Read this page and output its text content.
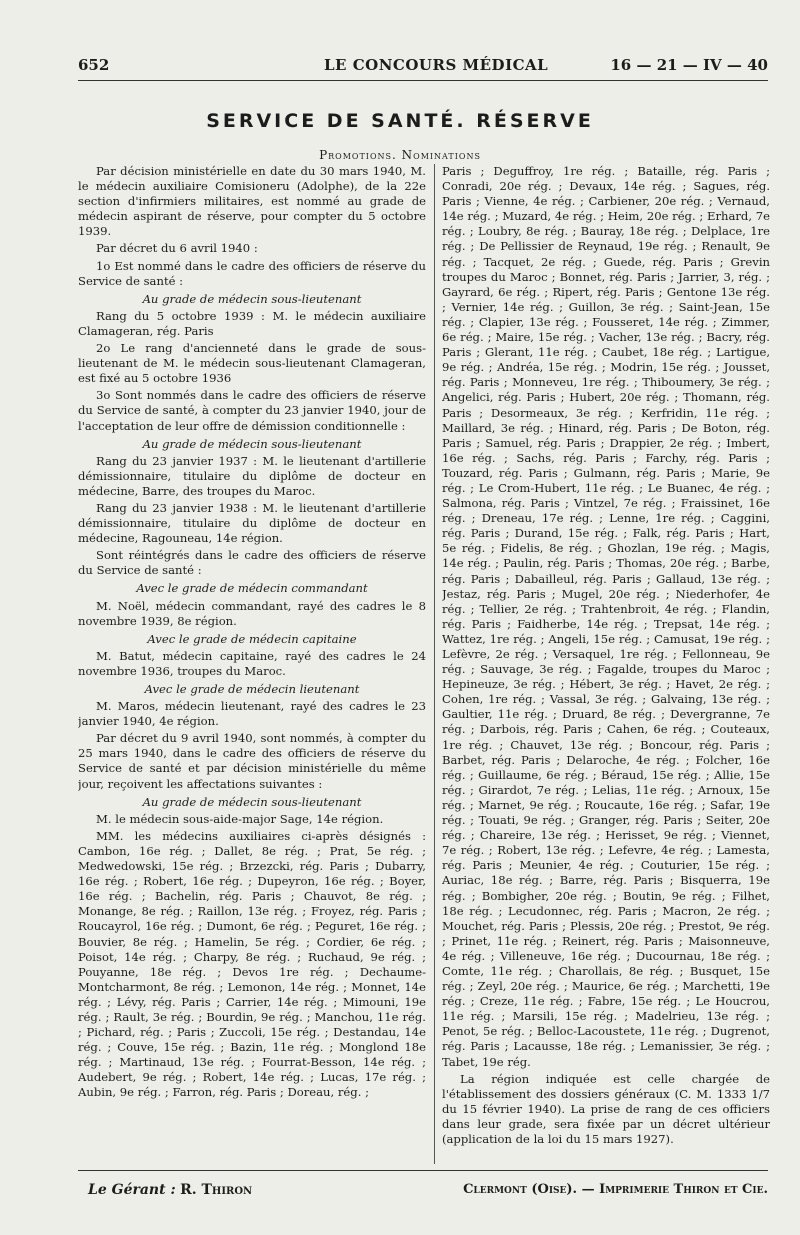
652	LE CONCOURS MÉDICAL	16 — 21 — IV — 40
SERVICE DE SANTÉ. RÉSERVE
Promotions. Nominations

Par décision ministérielle en date du 30 mars 1940, M. le médecin auxiliaire Comisioneru (Adolphe), de la 22e section d'infirmiers militaires, est nommé au grade de médecin aspirant de réserve, pour compter du 5 octobre 1939.

Par décret du 6 avril 1940 :

1o Est nommé dans le cadre des officiers de réserve du Service de santé :

Au grade de médecin sous-lieutenant

Rang du 5 octobre 1939 : M. le médecin auxiliaire Clamageran, rég. Paris

2o Le rang d'ancienneté dans le grade de sous-lieutenant de M. le médecin sous-lieutenant Clamageran, est fixé au 5 octobre 1936

3o Sont nommés dans le cadre des officiers de réserve du Service de santé, à compter du 23 janvier 1940, jour de l'acceptation de leur offre de démission conditionnelle :

Au grade de médecin sous-lieutenant

Rang du 23 janvier 1937 : M. le lieutenant d'artillerie démissionnaire, titulaire du diplôme de docteur en médecine, Barre, des troupes du Maroc.

Rang du 23 janvier 1938 : M. le lieutenant d'artillerie démissionnaire, titulaire du diplôme de docteur en médecine, Ragouneau, 14e région.

Sont réintégrés dans le cadre des officiers de réserve du Service de santé :

Avec le grade de médecin commandant

M. Noël, médecin commandant, rayé des cadres le 8 novembre 1939, 8e région.

Avec le grade de médecin capitaine

M. Batut, médecin capitaine, rayé des cadres le 24 novembre 1936, troupes du Maroc.

Avec le grade de médecin lieutenant

M. Maros, médecin lieutenant, rayé des cadres le 23 janvier 1940, 4e région.

Par décret du 9 avril 1940, sont nommés, à compter du 25 mars 1940, dans le cadre des officiers de réserve du Service de santé et par décision ministérielle du même jour, reçoivent les affectations suivantes :

Au grade de médecin sous-lieutenant

M. le médecin sous-aide-major Sage, 14e région.

MM. les médecins auxiliaires ci-après désignés : Cambon, 16e rég. ; Dallet, 8e rég. ; Prat, 5e rég. ; Medwedowski, 15e rég. ; Brzezcki, rég. Paris ; Dubarry, 16e rég. ; Robert, 16e rég. ; Dupeyron, 16e rég. ; Boyer, 16e rég. ; Bachelin, rég. Paris ; Chauvot, 8e rég. ; Monange, 8e rég. ; Raillon, 13e rég. ; Froyez, rég. Paris ; Roucayrol, 16e rég. ; Dumont, 6e rég. ; Peguret, 16e rég. ; Bouvier, 8e rég. ; Hamelin, 5e rég. ; Cordier, 6e rég. ; Poisot, 14e rég. ; Charpy, 8e rég. ; Ruchaud, 9e rég. ; Pouyanne, 18e rég. ; Devos 1re rég. ; Dechaume-Montcharmont, 8e rég. ; Lemonon, 14e rég. ; Monnet, 14e rég. ; Lévy, rég. Paris ; Carrier, 14e rég. ; Mimouni, 19e rég. ; Rault, 3e rég. ; Bourdin, 9e rég. ; Manchou, 11e rég. ; Pichard, rég. ; Paris ; Zuccoli, 15e rég. ; Destandau, 14e rég. ; Couve, 15e rég. ; Bazin, 11e rég. ; Monglond 18e rég. ; Martinaud, 13e rég. ; Fourrat-Besson, 14e rég. ; Audebert, 9e rég. ; Robert, 14e rég. ; Lucas, 17e rég. ; Aubin, 9e rég. ; Farron, rég. Paris ; Doreau, rég. ;

Paris ; Deguffroy, 1re rég. ; Bataille, rég. Paris ; Conradi, 20e rég. ; Devaux, 14e rég. ; Sagues, rég. Paris ; Vienne, 4e rég. ; Carbiener, 20e rég. ; Vernaud, 14e rég. ; Muzard, 4e rég. ; Heim, 20e rég. ; Erhard, 7e rég. ; Loubry, 8e rég. ; Bauray, 18e rég. ; Delplace, 1re rég. ; De Pellissier de Reynaud, 19e rég. ; Renault, 9e rég. ; Tacquet, 2e rég. ; Guede, rég. Paris ; Grevin troupes du Maroc ; Bonnet, rég. Paris ; Jarrier, 3, rég. ; Gayrard, 6e rég. ; Ripert, rég. Paris ; Gentone 13e rég. ; Vernier, 14e rég. ; Guillon, 3e rég. ; Saint-Jean, 15e rég. ; Clapier, 13e rég. ; Fousseret, 14e rég. ; Zimmer, 6e rég. ; Maire, 15e rég. ; Vacher, 13e rég. ; Bacry, rég. Paris ; Glerant, 11e rég. ; Caubet, 18e rég. ; Lartigue, 9e rég. ; Andréa, 15e rég. ; Modrin, 15e rég. ; Jousset, rég. Paris ; Monneveu, 1re rég. ; Thiboumery, 3e rég. ; Angelici, rég. Paris ; Hubert, 20e rég. ; Thomann, rég. Paris ; Desormeaux, 3e rég. ; Kerfridin, 11e rég. ; Maillard, 3e rég. ; Hinard, rég. Paris ; De Boton, rég. Paris ; Samuel, rég. Paris ; Drappier, 2e rég. ; Imbert, 16e rég. ; Sachs, rég. Paris ; Farchy, rég. Paris ; Touzard, rég. Paris ; Gulmann, rég. Paris ; Marie, 9e rég. ; Le Crom-Hubert, 11e rég. ; Le Buanec, 4e rég. ; Salmona, rég. Paris ; Vintzel, 7e rég. ; Fraissinet, 16e rég. ; Dreneau, 17e rég. ; Lenne, 1re rég. ; Caggini, rég. Paris ; Durand, 15e rég. ; Falk, rég. Paris ; Hart, 5e rég. ; Fidelis, 8e rég. ; Ghozlan, 19e rég. ; Magis, 14e rég. ; Paulin, rég. Paris ; Thomas, 20e rég. ; Barbe, rég. Paris ; Dabailleul, rég. Paris ; Gallaud, 13e rég. ; Jestaz, rég. Paris ; Mugel, 20e rég. ; Niederhofer, 4e rég. ; Tellier, 2e rég. ; Trahtenbroit, 4e rég. ; Flandin, rég. Paris ; Faidherbe, 14e rég. ; Trepsat, 14e rég. ; Wattez, 1re rég. ; Angeli, 15e rég. ; Camusat, 19e rég. ; Lefèvre, 2e rég. ; Versaquel, 1re rég. ; Fellonneau, 9e rég. ; Sauvage, 3e rég. ; Fagalde, troupes du Maroc ; Hepineuze, 3e rég. ; Hébert, 3e rég. ; Havet, 2e rég. ; Cohen, 1re rég. ; Vassal, 3e rég. ; Galvaing, 13e rég. ; Gaultier, 11e rég. ; Druard, 8e rég. ; Devergranne, 7e rég. ; Darbois, rég. Paris ; Cahen, 6e rég. ; Couteaux, 1re rég. ; Chauvet, 13e rég. ; Boncour, rég. Paris ; Barbet, rég. Paris ; Delaroche, 4e rég. ; Folcher, 16e rég. ; Guillaume, 6e rég. ; Béraud, 15e rég. ; Allie, 15e rég. ; Girardot, 7e rég. ; Lelias, 11e rég. ; Arnoux, 15e rég. ; Marnet, 9e rég. ; Roucaute, 16e rég. ; Safar, 19e rég. ; Touati, 9e rég. ; Granger, rég. Paris ; Seiter, 20e rég. ; Chareire, 13e rég. ; Herisset, 9e rég. ; Viennet, 7e rég. ; Robert, 13e rég. ; Lefevre, 4e rég. ; Lamesta, rég. Paris ; Meunier, 4e rég. ; Couturier, 15e rég. ; Auriac, 18e rég. ; Barre, rég. Paris ; Bisquerra, 19e rég. ; Bombigher, 20e rég. ; Boutin, 9e rég. ; Filhet, 18e rég. ; Lecudonnec, rég. Paris ; Macron, 2e rég. ; Mouchet, rég. Paris ; Plessis, 20e rég. ; Prestot, 9e rég. ; Prinet, 11e rég. ; Reinert, rég. Paris ; Maisonneuve, 4e rég. ; Villeneuve, 16e rég. ; Ducournau, 18e rég. ; Comte, 11e rég. ; Charollais, 8e rég. ; Busquet, 15e rég. ; Zeyl, 20e rég. ; Maurice, 6e rég. ; Marchetti, 19e rég. ; Creze, 11e rég. ; Fabre, 15e rég. ; Le Houcrou, 11e rég. ; Marsili, 15e rég. ; Madelrieu, 13e rég. ; Penot, 5e rég. ; Belloc-Lacoustete, 11e rég. ; Dugrenot, rég. Paris ; Lacausse, 18e rég. ; Lemanissier, 3e rég. ; Tabet, 19e rég.

La région indiquée est celle chargée de l'établissement des dossiers généraux (C. M. 1333 1/7 du 15 février 1940). La prise de rang de ces officiers dans leur grade, sera fixée par un décret ultérieur (application de la loi du 15 mars 1927).

Le Gérant : R. Thiron	Clermont (Oise). — Imprimerie Thiron et Cie.
